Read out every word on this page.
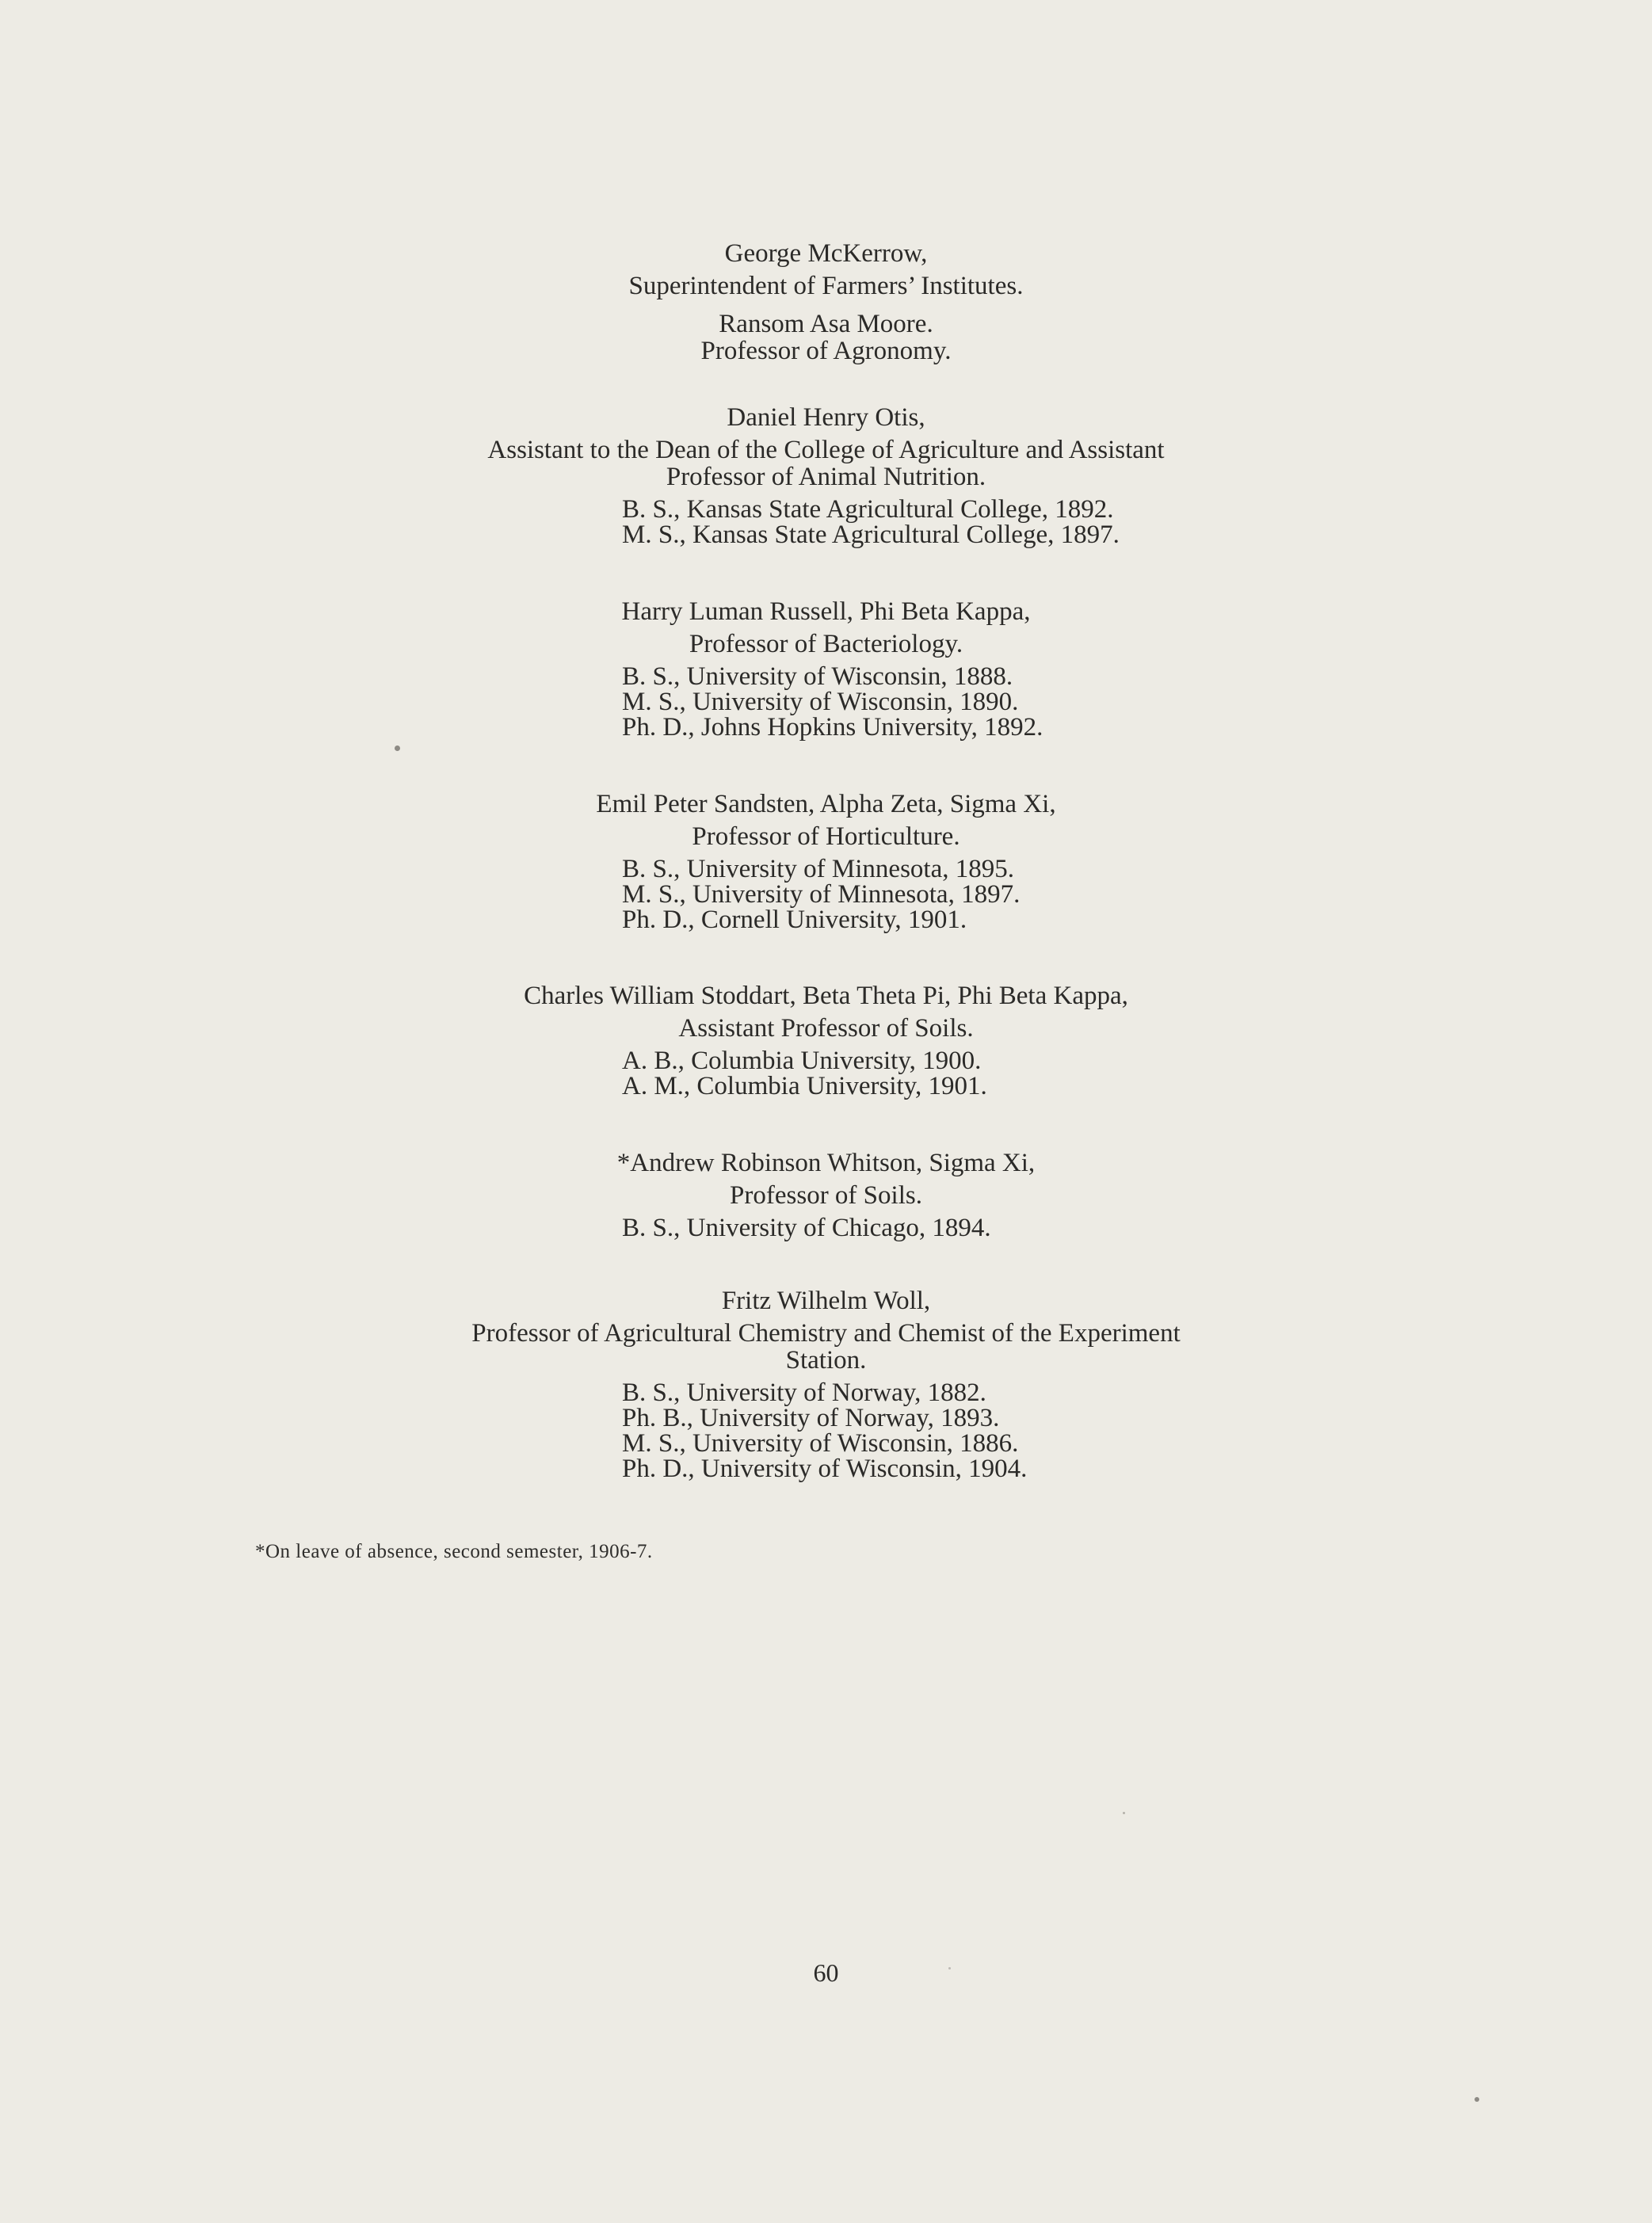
George McKerrow,
Superintendent of Farmers’ Institutes.
Ransom Asa Moore.
Professor of Agronomy.
Daniel Henry Otis,
Assistant to the Dean of the College of Agriculture and Assistant
Professor of Animal Nutrition.
B. S., Kansas State Agricultural College, 1892.
M. S., Kansas State Agricultural College, 1897.
Harry Luman Russell, Phi Beta Kappa,
Professor of Bacteriology.
B. S., University of Wisconsin, 1888.
M. S., University of Wisconsin, 1890.
Ph. D., Johns Hopkins University, 1892.
Emil Peter Sandsten, Alpha Zeta, Sigma Xi,
Professor of Horticulture.
B. S., University of Minnesota, 1895.
M. S., University of Minnesota, 1897.
Ph. D., Cornell University, 1901.
Charles William Stoddart, Beta Theta Pi, Phi Beta Kappa,
Assistant Professor of Soils.
A. B., Columbia University, 1900.
A. M., Columbia University, 1901.
*Andrew Robinson Whitson, Sigma Xi,
Professor of Soils.
B. S., University of Chicago, 1894.
Fritz Wilhelm Woll,
Professor of Agricultural Chemistry and Chemist of the Experiment
Station.
B. S., University of Norway, 1882.
Ph. B., University of Norway, 1893.
M. S., University of Wisconsin, 1886.
Ph. D., University of Wisconsin, 1904.
*On leave of absence, second semester, 1906-7.
60
